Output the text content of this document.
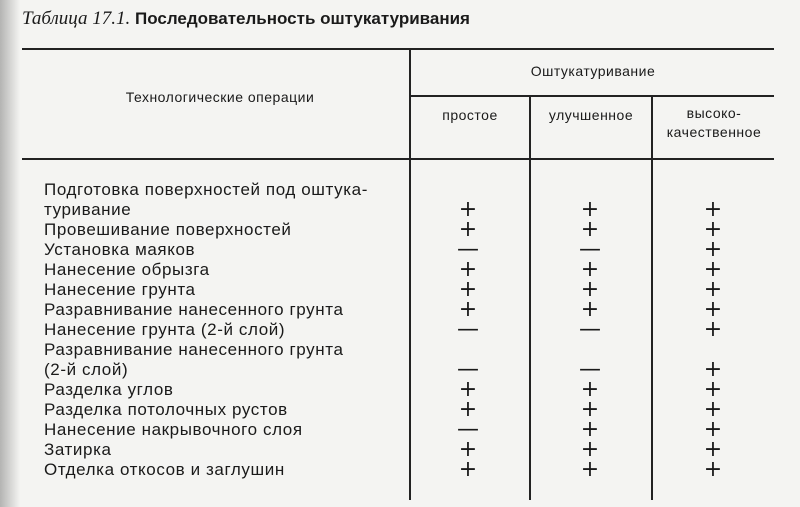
Таблица 17.1. Последовательность оштукатуривания
Технологические операции
Оштукатуривание
простое	улучшенное	высоко-
качественное
Подготовка поверхностей под оштука-
туривание	+	+	+
Провешивание поверхностей	+	+	+
Установка маяков	—	—	+
Нанесение обрызга	+	+	+
Нанесение грунта	+	+	+
Разравнивание нанесенного грунта	+	+	+
Нанесение грунта (2-й слой)	—	—	+
Разравнивание нанесенного грунта
(2-й слой)	—	—	+
Разделка углов	+	+	+
Разделка потолочных рустов	+	+	+
Нанесение накрывочного слоя	—	+	+
Затирка	+	+	+
Отделка откосов и заглушин	+	+	+
